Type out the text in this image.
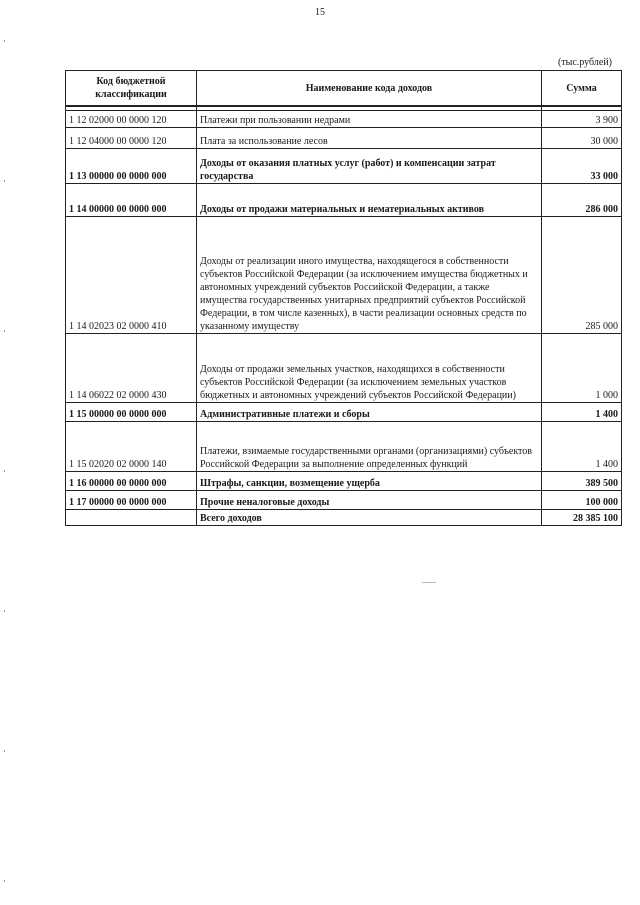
15
(тыс.рублей)
Код бюджетной классификации	Наименование кода доходов	Сумма

1 12 02000 00 0000 120	Платежи при пользовании недрами	3 900
1 12 04000 00 0000 120	Плата за использование лесов	30 000
1 13 00000 00 0000 000	Доходы от оказания платных услуг (работ) и компенсации затрат государства	33 000
1 14 00000 00 0000 000	Доходы от продажи материальных и нематериальных активов	286 000
1 14 02023 02 0000 410	Доходы от реализации иного имущества, находящегося в собственности субъектов Российской Федерации (за исключением имущества бюджетных и автономных учреждений субъектов Российской Федерации, а также имущества государственных унитарных предприятий субъектов Российской Федерации, в том числе казенных), в части реализации основных средств по указанному имуществу	285 000
1 14 06022 02 0000 430	Доходы от продажи земельных участков, находящихся в собственности субъектов Российской Федерации (за исключением земельных участков бюджетных и автономных учреждений субъектов Российской Федерации)	1 000
1 15 00000 00 0000 000	Административные платежи и сборы	1 400
1 15 02020 02 0000 140	Платежи, взимаемые государственными органами (организациями) субъектов Российской Федерации за выполнение определенных функций	1 400
1 16 00000 00 0000 000	Штрафы, санкции, возмещение ущерба	389 500
1 17 00000 00 0000 000	Прочие неналоговые доходы	100 000
	Всего доходов	28 385 100
